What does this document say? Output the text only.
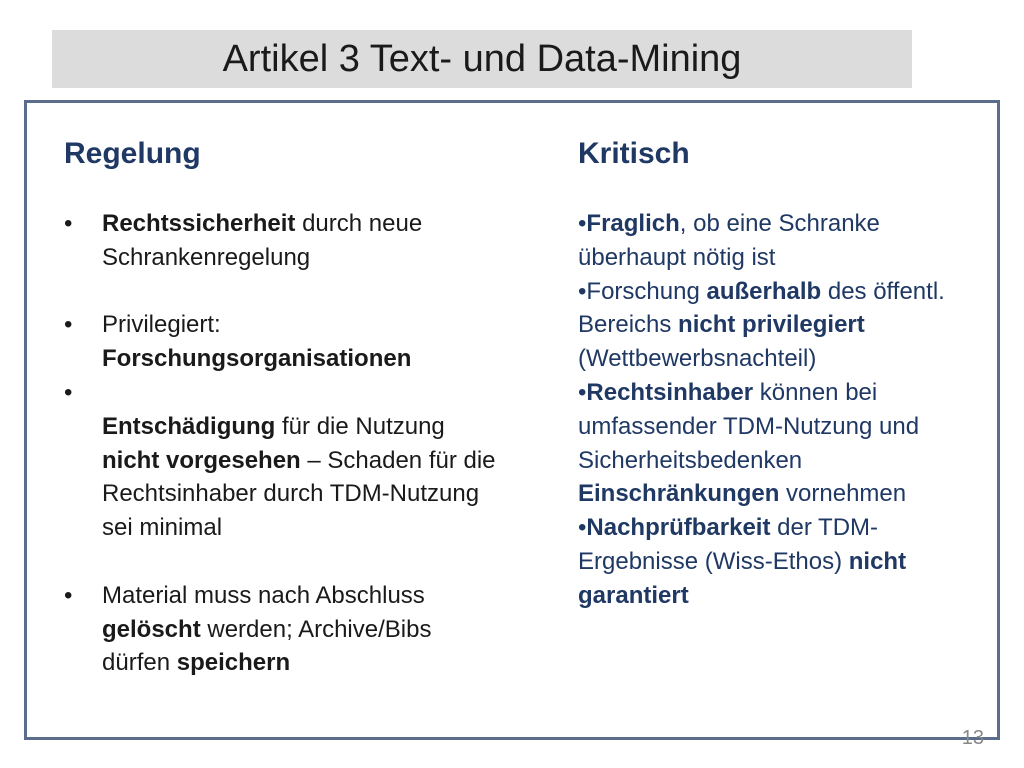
Artikel 3 Text- und Data-Mining
Regelung
• Rechtssicherheit durch neue Schrankenregelung
• Privilegiert: Forschungsorganisationen
•
Entschädigung für die Nutzung nicht vorgesehen – Schaden für die Rechtsinhaber durch TDM-Nutzung sei minimal
• Material muss nach Abschluss gelöscht werden; Archive/Bibs dürfen speichern
Kritisch
•Fraglich, ob eine Schranke überhaupt nötig ist
•Forschung außerhalb des öffentl. Bereichs nicht privilegiert (Wettbewerbsnachteil)
•Rechtsinhaber können bei umfassender TDM-Nutzung und Sicherheitsbedenken Einschränkungen vornehmen
•Nachprüfbarkeit der TDM-Ergebnisse (Wiss-Ethos) nicht garantiert
13
